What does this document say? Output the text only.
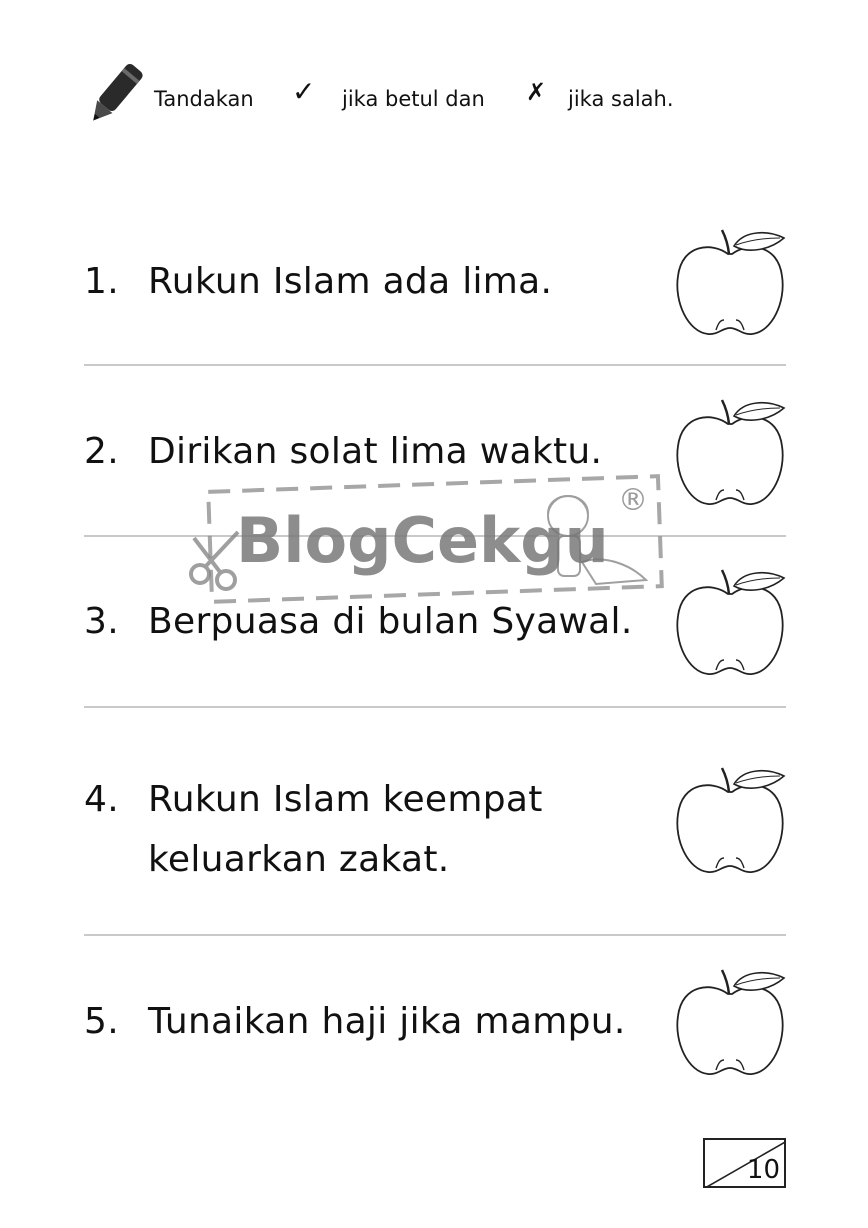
Tandakan ✓ jika betul dan ✗ jika salah.
1. Rukun Islam ada lima.
2. Dirikan solat lima waktu.
3. Berpuasa di bulan Syawal.
4. Rukun Islam keempat
keluarkan zakat.
5. Tunaikan haji jika mampu.
BlogCekgu
®
10
